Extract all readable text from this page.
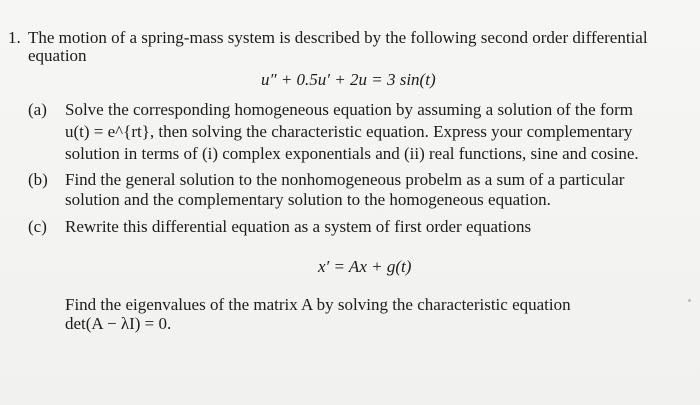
1. The motion of a spring-mass system is described by the following second order differential
equation
u″ + 0.5u′ + 2u = 3 sin(t)
(a) Solve the corresponding homogeneous equation by assuming a solution of the form
u(t) = e^{rt}, then solving the characteristic equation. Express your complementary
solution in terms of (i) complex exponentials and (ii) real functions, sine and cosine.
(b) Find the general solution to the nonhomogeneous probelm as a sum of a particular
solution and the complementary solution to the homogeneous equation.
(c) Rewrite this differential equation as a system of first order equations
x′ = Ax + g(t)
Find the eigenvalues of the matrix A by solving the characteristic equation
det(A − λI) = 0.
